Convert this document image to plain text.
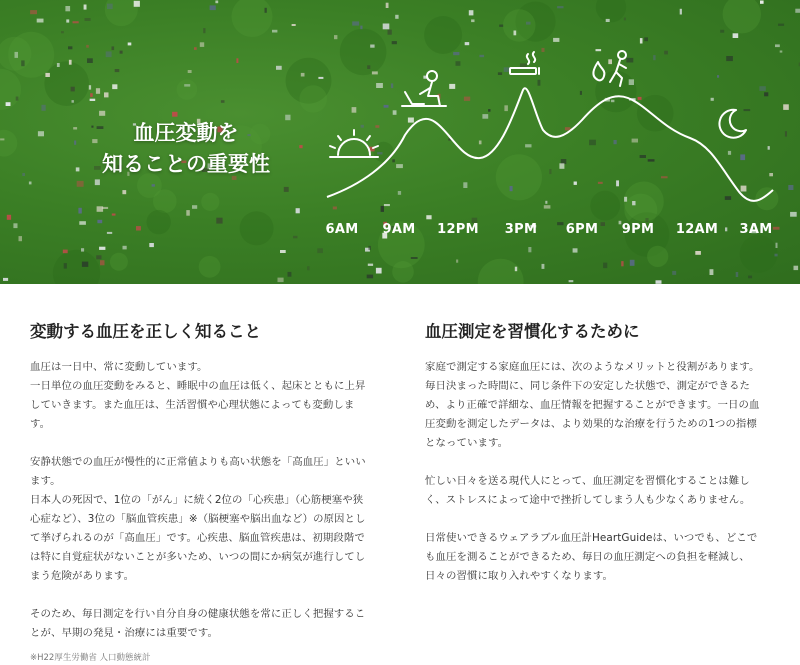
血圧変動を
知ることの重要性
6AM 9AM 12PM 3PM 6PM 9PM 12AM 3AM
変動する血圧を正しく知ること

血圧は一日中、常に変動しています。
一日単位の血圧変動をみると、睡眠中の血圧は低く、起床とともに上昇していきます。また血圧は、生活習慣や心理状態によっても変動します。

安静状態での血圧が慢性的に正常値よりも高い状態を「高血圧」といいます。
日本人の死因で、1位の「がん」に続く2位の「心疾患」（心筋梗塞や狭心症など）、3位の「脳血管疾患」※（脳梗塞や脳出血など）の原因として挙げられるのが「高血圧」です。心疾患、脳血管疾患は、初期段階では特に自覚症状がないことが多いため、いつの間にか病気が進行してしまう危険があります。

そのため、毎日測定を行い自分自身の健康状態を常に正しく把握することが、早期の発見・治療には重要です。

※H22厚生労働省 人口動態統計
血圧測定を習慣化するために

家庭で測定する家庭血圧には、次のようなメリットと役割があります。毎日決まった時間に、同じ条件下の安定した状態で、測定ができるため、より正確で詳細な、血圧情報を把握することができます。一日の血圧変動を測定したデータは、より効果的な治療を行うための1つの指標となっています。

忙しい日々を送る現代人にとって、血圧測定を習慣化することは難しく、ストレスによって途中で挫折してしまう人も少なくありません。

日常使いできるウェアラブル血圧計HeartGuideは、いつでも、どこでも血圧を測ることができるため、毎日の血圧測定への負担を軽減し、日々の習慣に取り入れやすくなります。
